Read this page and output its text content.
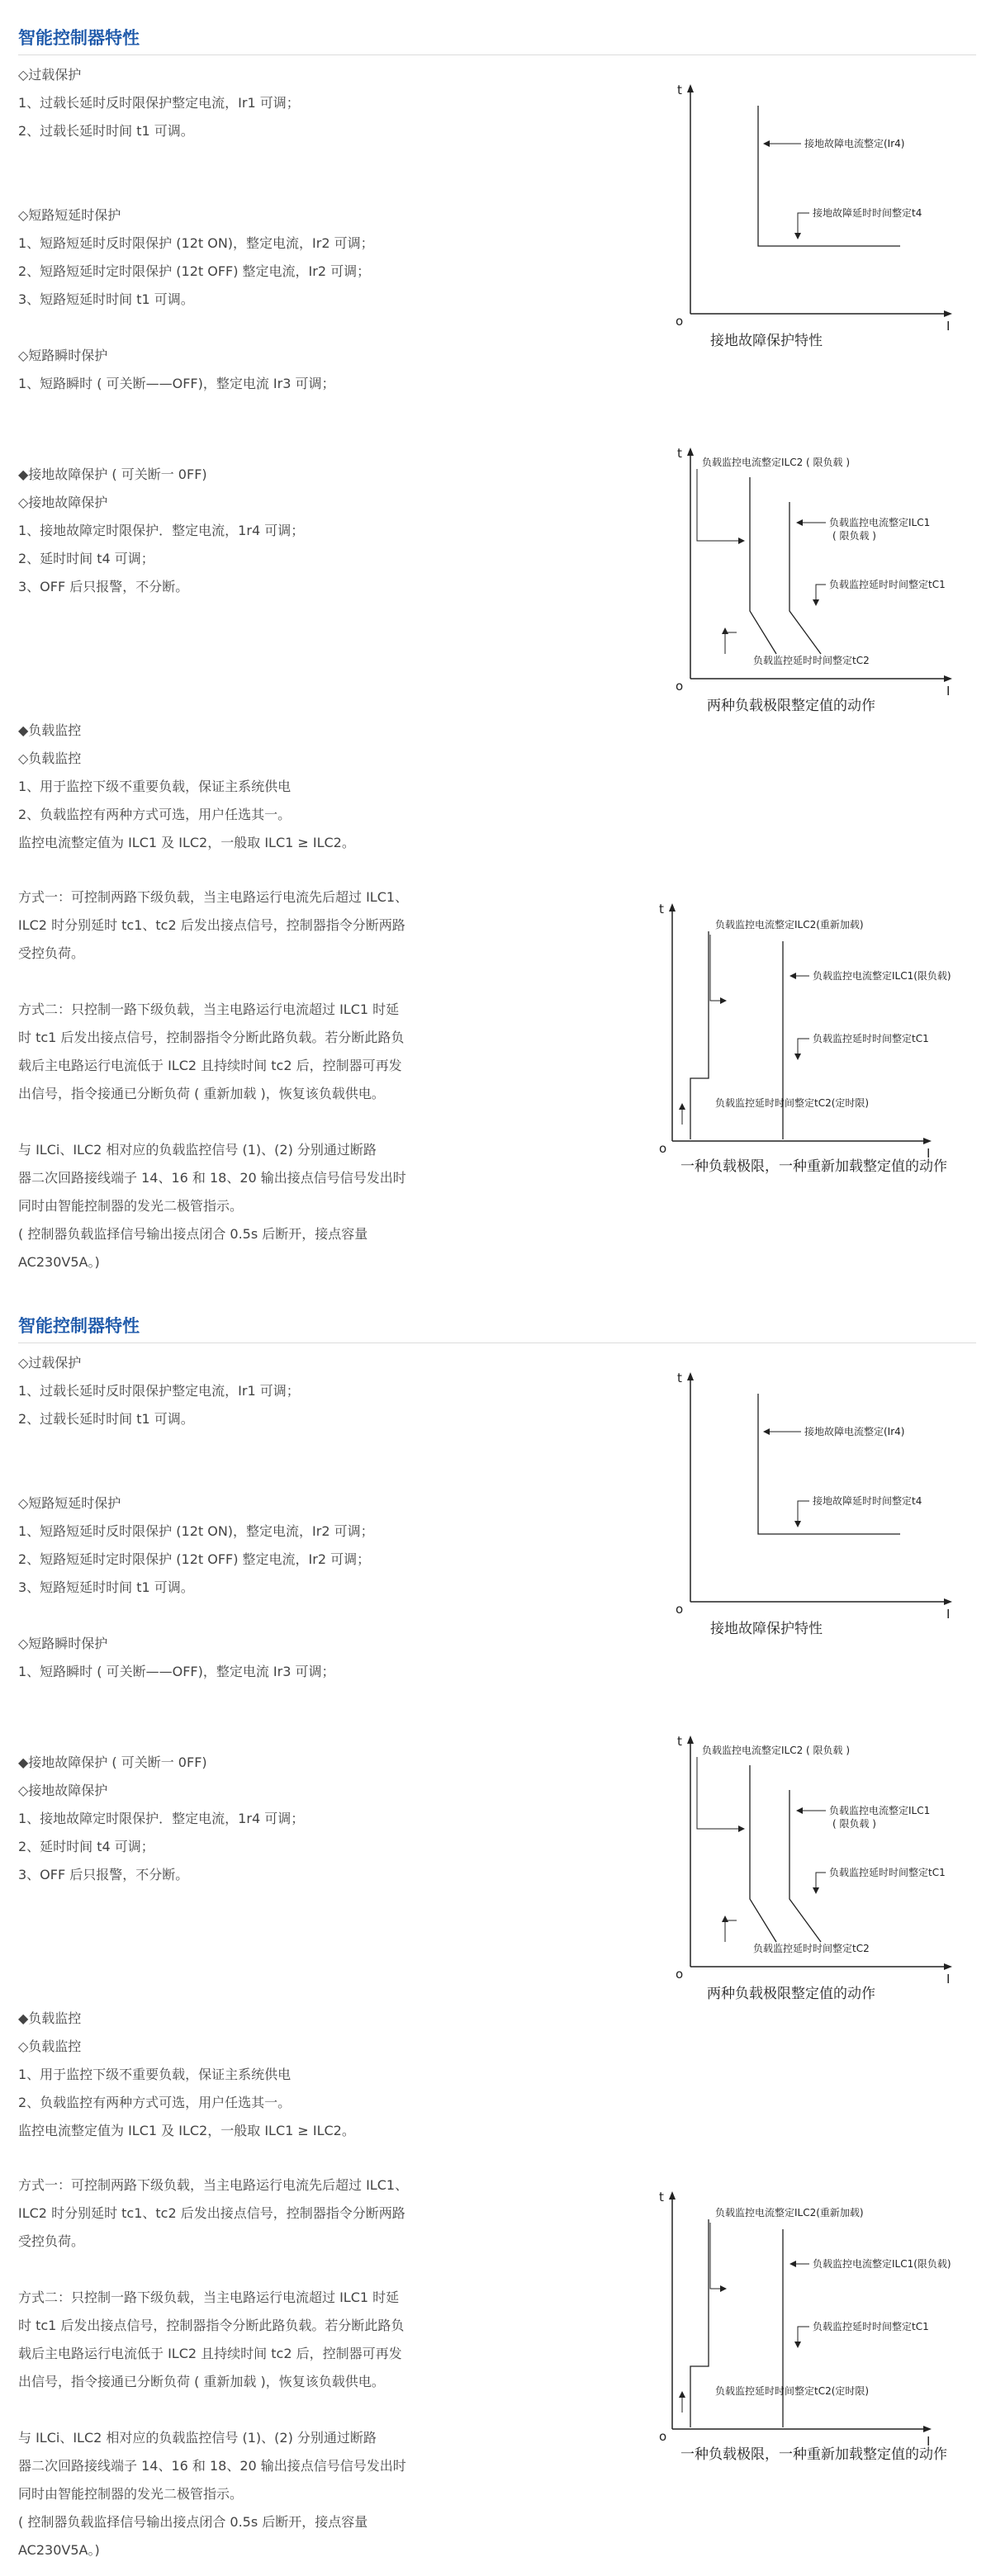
智能控制器特性
◇过载保护
1、过载长延时反时限保护整定电流，Ir1 可调；
2、过载长延时时间 t1 可调。
◇短路短延时保护
1、短路短延时反时限保护 (12t ON)，整定电流，Ir2 可调；
2、短路短延时定时限保护 (12t OFF) 整定电流，Ir2 可调；
3、短路短延时时间 t1 可调。
◇短路瞬时保护
1、短路瞬时 ( 可关断——OFF)，整定电流 Ir3 可调；
◆接地故障保护 ( 可关断一 0FF)
◇接地故障保护
1、接地故障定时限保护．整定电流，1r4 可调；
2、延时时间 t4 可调；
3、OFF 后只报警，不分断。
◆负载监控
◇负载监控
1、用于监控下级不重要负载，保证主系统供电
2、负载监控有两种方式可选，用户任选其一。
监控电流整定值为 ILC1 及 ILC2，一般取 ILC1 ≥ ILC2。
方式一：可控制两路下级负载，当主电路运行电流先后超过 ILC1、
ILC2 时分别延时 tc1、tc2 后发出接点信号，控制器指令分断两路
受控负荷。
方式二：只控制一路下级负载，当主电路运行电流超过 ILC1 时延
时 tc1 后发出接点信号，控制器指令分断此路负载。若分断此路负
载后主电路运行电流低于 ILC2 且持续时间 tc2 后，控制器可再发
出信号，指令接通已分断负荷 ( 重新加载 )，恢复该负载供电。
与 ILCi、ILC2 相对应的负载监控信号 (1)、(2) 分别通过断路
器二次回路接线端子 14、16 和 18、20 输出接点信号信号发出时
同时由智能控制器的发光二极管指示。
( 控制器负载监择信号输出接点闭合 0.5s 后断开，接点容量
AC230V5A。)
t
o	I
接地故障电流整定(Ir4)
接地故障延时时间整定t4
接地故障保护特性
t
o	I
负载监控电流整定ILC2 ( 限负载 )
负载监控电流整定ILC1
( 限负载 )
负载监控延时时间整定tC1
负载监控延时时间整定tC2
两种负载极限整定值的动作
t
o	I
负载监控电流整定ILC2(重新加载)
负载监控电流整定ILC1(限负载)
负载监控延时时间整定tC1
负载监控延时时间整定tC2(定时限)
一种负载极限，一种重新加载整定值的动作
智能控制器特性
◇过载保护
1、过载长延时反时限保护整定电流，Ir1 可调；
2、过载长延时时间 t1 可调。
◇短路短延时保护
1、短路短延时反时限保护 (12t ON)，整定电流，Ir2 可调；
2、短路短延时定时限保护 (12t OFF) 整定电流，Ir2 可调；
3、短路短延时时间 t1 可调。
◇短路瞬时保护
1、短路瞬时 ( 可关断——OFF)，整定电流 Ir3 可调；
◆接地故障保护 ( 可关断一 0FF)
◇接地故障保护
1、接地故障定时限保护．整定电流，1r4 可调；
2、延时时间 t4 可调；
3、OFF 后只报警，不分断。
◆负载监控
◇负载监控
1、用于监控下级不重要负载，保证主系统供电
2、负载监控有两种方式可选，用户任选其一。
监控电流整定值为 ILC1 及 ILC2，一般取 ILC1 ≥ ILC2。
方式一：可控制两路下级负载，当主电路运行电流先后超过 ILC1、
ILC2 时分别延时 tc1、tc2 后发出接点信号，控制器指令分断两路
受控负荷。
方式二：只控制一路下级负载，当主电路运行电流超过 ILC1 时延
时 tc1 后发出接点信号，控制器指令分断此路负载。若分断此路负
载后主电路运行电流低于 ILC2 且持续时间 tc2 后，控制器可再发
出信号，指令接通已分断负荷 ( 重新加载 )，恢复该负载供电。
与 ILCi、ILC2 相对应的负载监控信号 (1)、(2) 分别通过断路
器二次回路接线端子 14、16 和 18、20 输出接点信号信号发出时
同时由智能控制器的发光二极管指示。
( 控制器负载监择信号输出接点闭合 0.5s 后断开，接点容量
AC230V5A。)
t
o	I
接地故障电流整定(Ir4)
接地故障延时时间整定t4
接地故障保护特性
t
o	I
负载监控电流整定ILC2 ( 限负载 )
负载监控电流整定ILC1
( 限负载 )
负载监控延时时间整定tC1
负载监控延时时间整定tC2
两种负载极限整定值的动作
t
o	I
负载监控电流整定ILC2(重新加载)
负载监控电流整定ILC1(限负载)
负载监控延时时间整定tC1
负载监控延时时间整定tC2(定时限)
一种负载极限，一种重新加载整定值的动作
